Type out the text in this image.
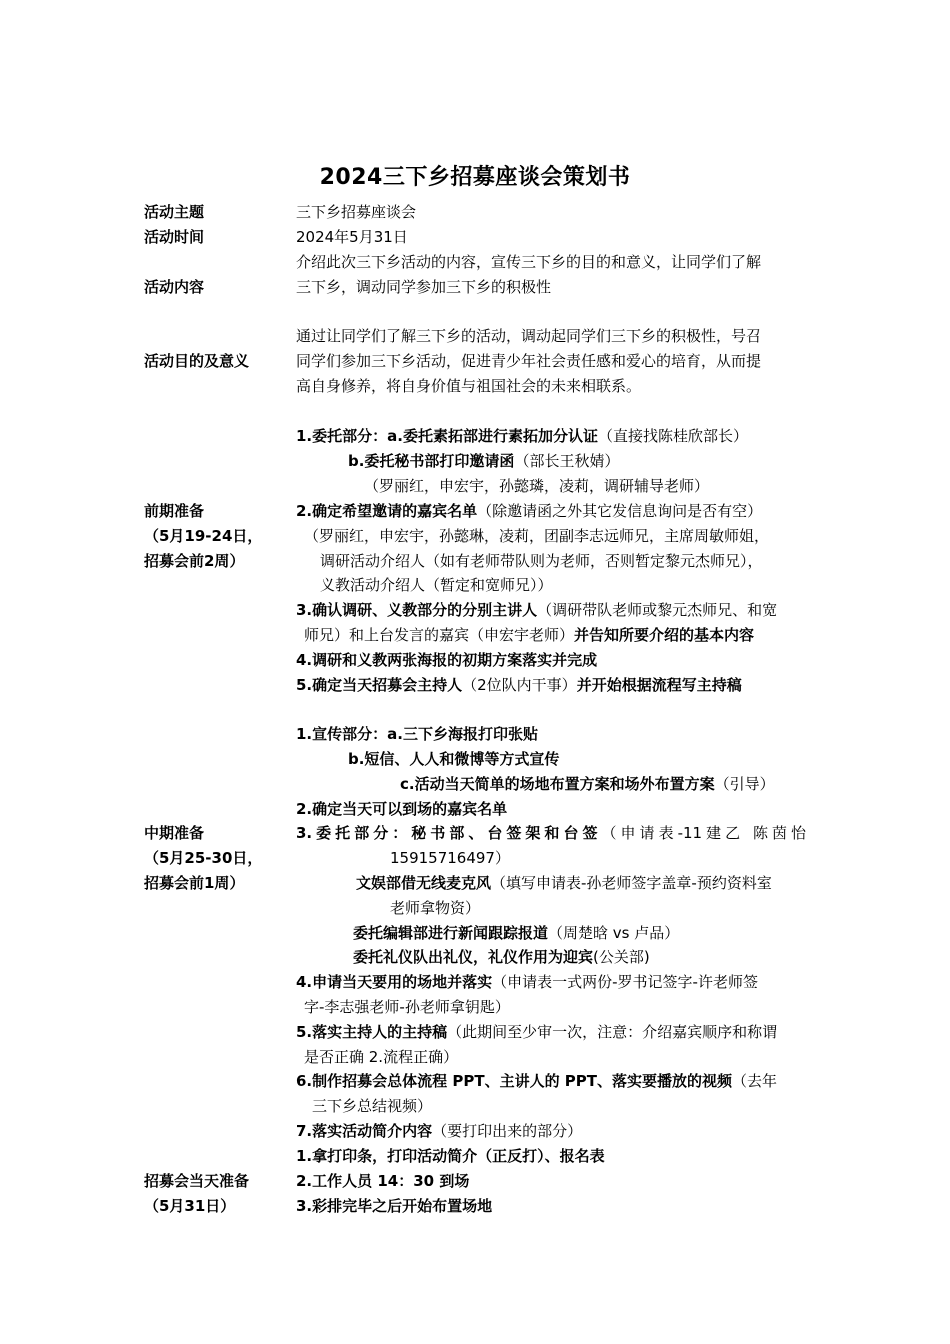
2024三下乡招募座谈会策划书
活动主题	三下乡招募座谈会
活动时间	2024年5月31日
介绍此次三下乡活动的内容，宣传三下乡的目的和意义，让同学们了解
活动内容	三下乡，调动同学参加三下乡的积极性
通过让同学们了解三下乡的活动，调动起同学们三下乡的积极性，号召
活动目的及意义	同学们参加三下乡活动，促进青少年社会责任感和爱心的培育，从而提
高自身修养，将自身价值与祖国社会的未来相联系。
1.委托部分：a.委托素拓部进行素拓加分认证（直接找陈桂欣部长）
b.委托秘书部打印邀请函（部长王秋婧）
（罗丽红，申宏宇，孙懿璘，凌莉，调研辅导老师）
前期准备	2.确定希望邀请的嘉宾名单（除邀请函之外其它发信息询问是否有空）
（5月19-24日，	（罗丽红，申宏宇，孙懿琳，凌莉，团副李志远师兄，主席周敏师姐，
招募会前2周）	调研活动介绍人（如有老师带队则为老师，否则暂定黎元杰师兄），
义教活动介绍人（暂定和宽师兄））
3.确认调研、义教部分的分别主讲人（调研带队老师或黎元杰师兄、和宽
师兄）和上台发言的嘉宾（申宏宇老师）并告知所要介绍的基本内容
4.调研和义教两张海报的初期方案落实并完成
5.确定当天招募会主持人（2位队内干事）并开始根据流程写主持稿
1.宣传部分：a.三下乡海报打印张贴
b.短信、人人和微博等方式宣传
c.活动当天简单的场地布置方案和场外布置方案（引导）
2.确定当天可以到场的嘉宾名单
中期准备	3.委托部分：秘书部、台签架和台签（申请表-11建乙 陈茵怡
（5月25-30日，	15915716497）
招募会前1周）	文娱部借无线麦克风（填写申请表-孙老师签字盖章-预约资料室
老师拿物资）
委托编辑部进行新闻跟踪报道（周楚晗 vs 卢品）
委托礼仪队出礼仪，礼仪作用为迎宾(公关部)
4.申请当天要用的场地并落实（申请表一式两份-罗书记签字-许老师签
字-李志强老师-孙老师拿钥匙）
5.落实主持人的主持稿（此期间至少审一次，注意：介绍嘉宾顺序和称谓
是否正确 2.流程正确）
6.制作招募会总体流程 PPT、主讲人的 PPT、落实要播放的视频（去年
三下乡总结视频）
7.落实活动简介内容（要打印出来的部分）
1.拿打印条，打印活动简介（正反打）、报名表
招募会当天准备	2.工作人员 14：30 到场
（5月31日）	3.彩排完毕之后开始布置场地
